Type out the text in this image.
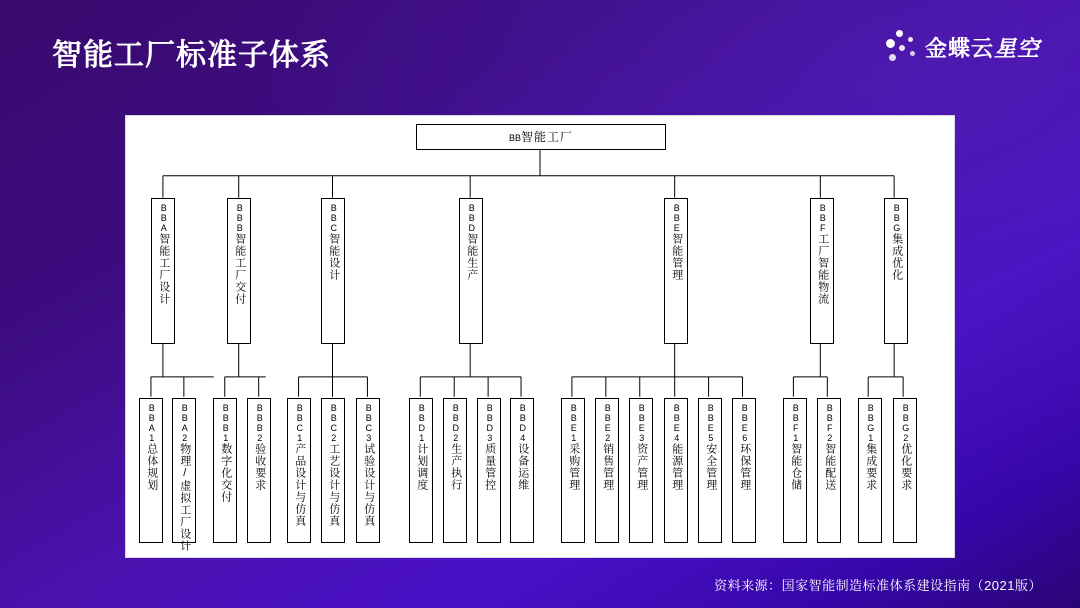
智能工厂标准子体系	金蝶云星空
BB智能工厂
BBA智能工厂设计
BBB智能工厂交付
BBC智能设计
BBD智能生产
BBE智能管理
BBF工厂智能物流
BBG集成优化
BBA1总体规划
BBA2物理/虚拟工厂设计
BBB1数字化交付
BBB2验收要求
BBC1产品设计与仿真
BBC2工艺设计与仿真
BBC3试验设计与仿真
BBD1计划调度
BBD2生产执行
BBD3质量管控
BBD4设备运维
BBE1采购管理
BBE2销售管理
BBE3资产管理
BBE4能源管理
BBE5安全管理
BBE6环保管理
BBF1智能仓储
BBF2智能配送
BBG1集成要求
BBG2优化要求
资料来源：国家智能制造标准体系建设指南（2021版）
